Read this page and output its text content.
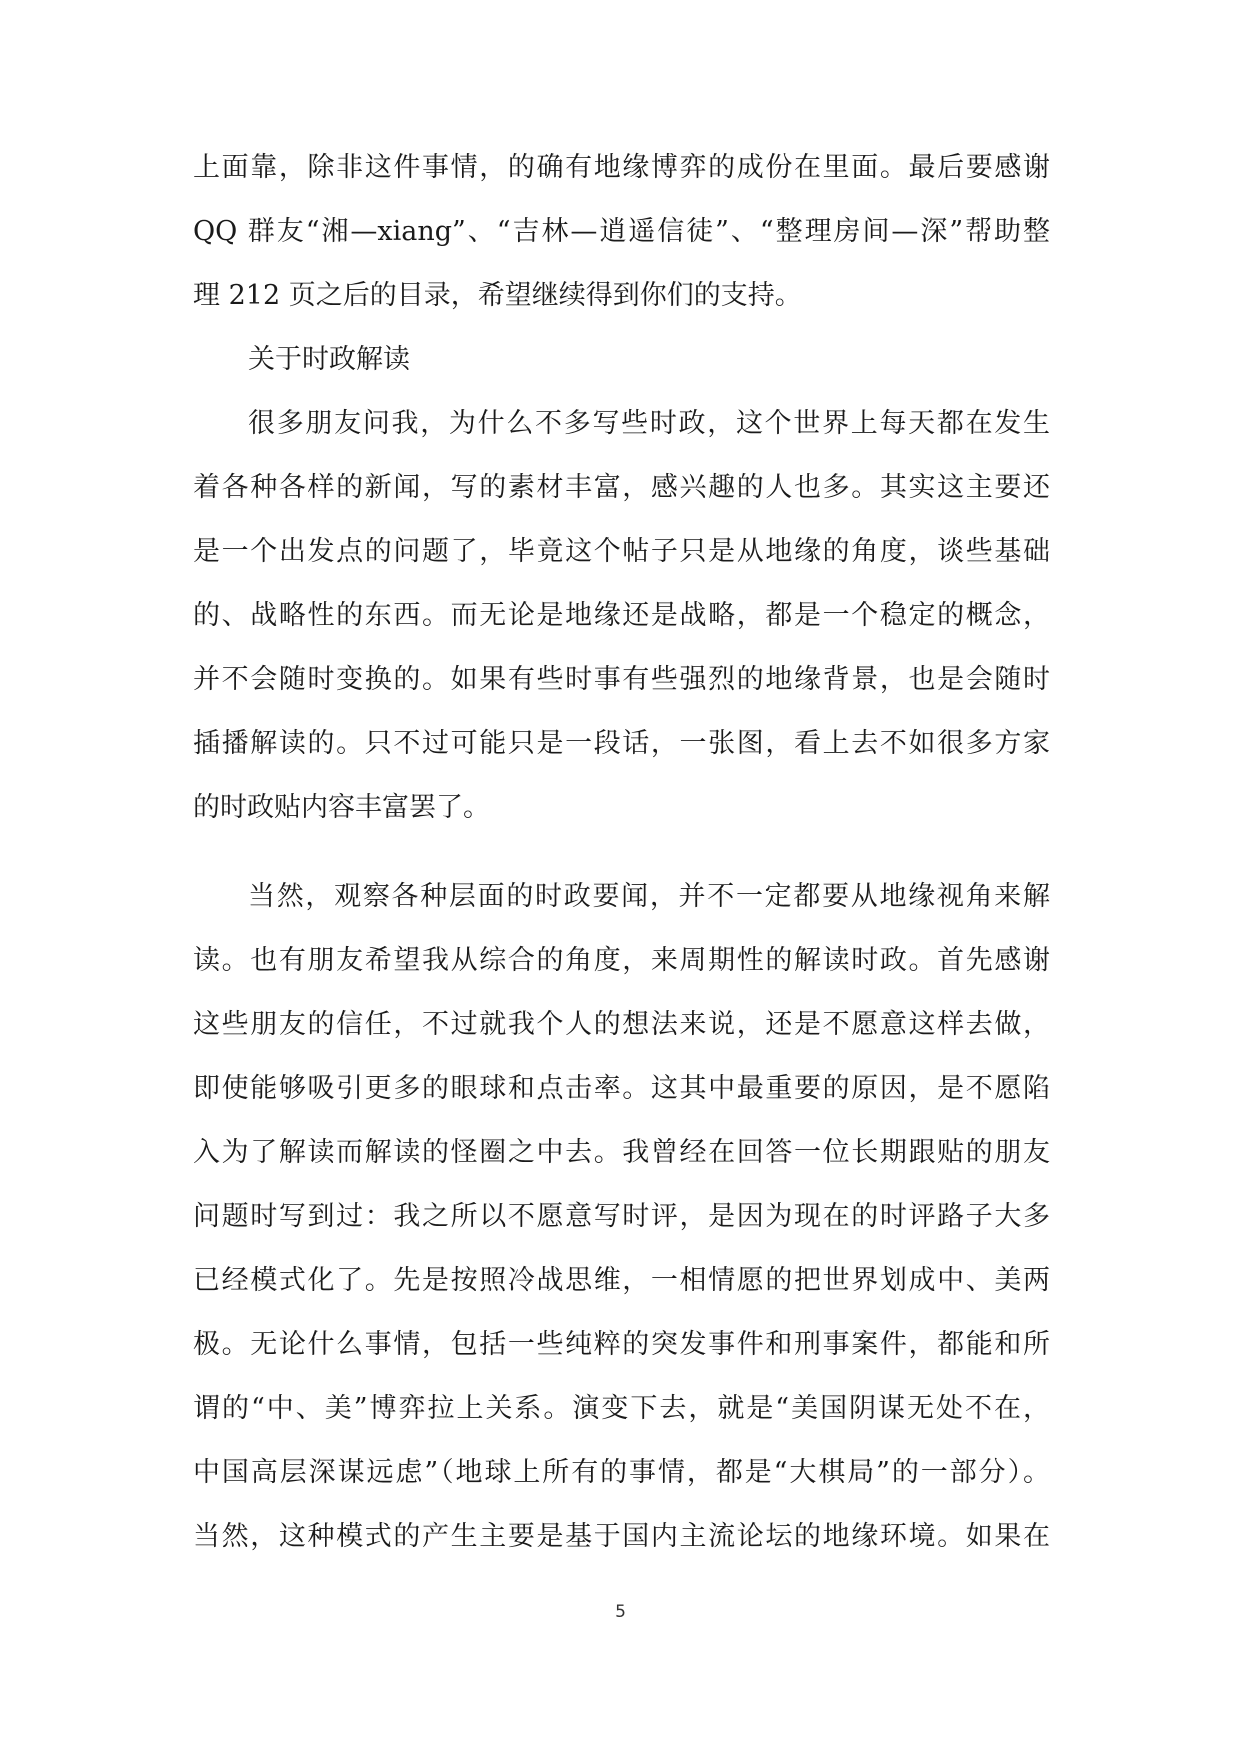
上面靠，除非这件事情，的确有地缘博弈的成份在里面。最后要感谢
QQ 群友“湘—xiang”、“吉林—逍遥信徒”、“整理房间—深”帮助整
理 212 页之后的目录，希望继续得到你们的支持。
关于时政解读
很多朋友问我，为什么不多写些时政，这个世界上每天都在发生
着各种各样的新闻，写的素材丰富，感兴趣的人也多。其实这主要还
是一个出发点的问题了，毕竟这个帖子只是从地缘的角度，谈些基础
的、战略性的东西。而无论是地缘还是战略，都是一个稳定的概念，
并不会随时变换的。如果有些时事有些强烈的地缘背景，也是会随时
插播解读的。只不过可能只是一段话，一张图，看上去不如很多方家
的时政贴内容丰富罢了。
当然，观察各种层面的时政要闻，并不一定都要从地缘视角来解
读。也有朋友希望我从综合的角度，来周期性的解读时政。首先感谢
这些朋友的信任，不过就我个人的想法来说，还是不愿意这样去做，
即使能够吸引更多的眼球和点击率。这其中最重要的原因，是不愿陷
入为了解读而解读的怪圈之中去。我曾经在回答一位长期跟贴的朋友
问题时写到过：我之所以不愿意写时评，是因为现在的时评路子大多
已经模式化了。先是按照冷战思维，一相情愿的把世界划成中、美两
极。无论什么事情，包括一些纯粹的突发事件和刑事案件，都能和所
谓的“中、美”博弈拉上关系。演变下去，就是“美国阴谋无处不在，
中国高层深谋远虑”（地球上所有的事情，都是“大棋局”的一部分）。
当然，这种模式的产生主要是基于国内主流论坛的地缘环境。如果在
5
